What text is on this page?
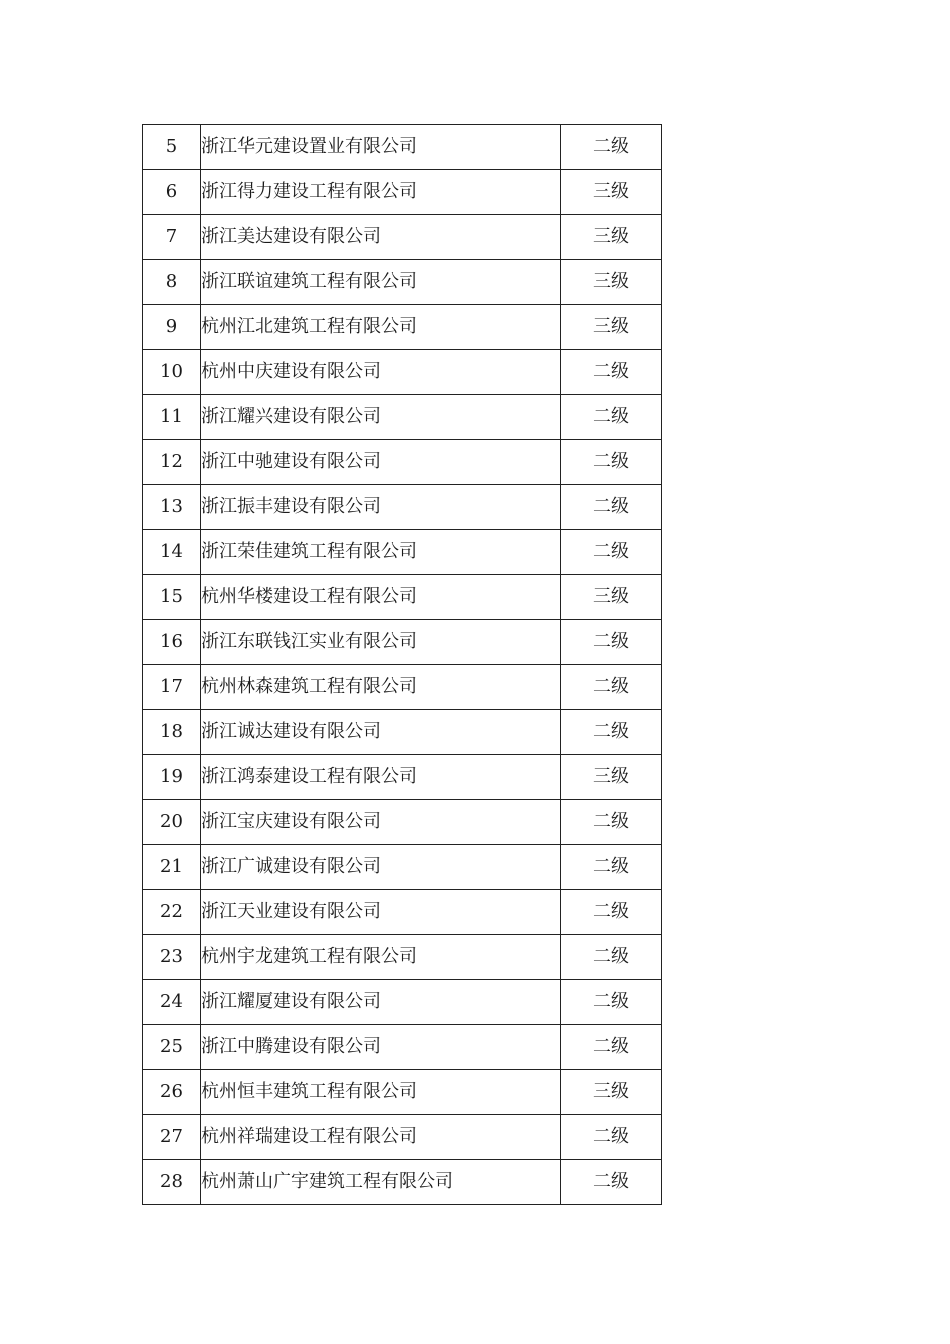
5	浙江华元建设置业有限公司	二级
6	浙江得力建设工程有限公司	三级
7	浙江美达建设有限公司	三级
8	浙江联谊建筑工程有限公司	三级
9	杭州江北建筑工程有限公司	三级
10	杭州中庆建设有限公司	二级
11	浙江耀兴建设有限公司	二级
12	浙江中驰建设有限公司	二级
13	浙江振丰建设有限公司	二级
14	浙江荣佳建筑工程有限公司	二级
15	杭州华楼建设工程有限公司	三级
16	浙江东联钱江实业有限公司	二级
17	杭州林森建筑工程有限公司	二级
18	浙江诚达建设有限公司	二级
19	浙江鸿泰建设工程有限公司	三级
20	浙江宝庆建设有限公司	二级
21	浙江广诚建设有限公司	二级
22	浙江天业建设有限公司	二级
23	杭州宇龙建筑工程有限公司	二级
24	浙江耀厦建设有限公司	二级
25	浙江中腾建设有限公司	二级
26	杭州恒丰建筑工程有限公司	三级
27	杭州祥瑞建设工程有限公司	二级
28	杭州萧山广宇建筑工程有限公司	二级
